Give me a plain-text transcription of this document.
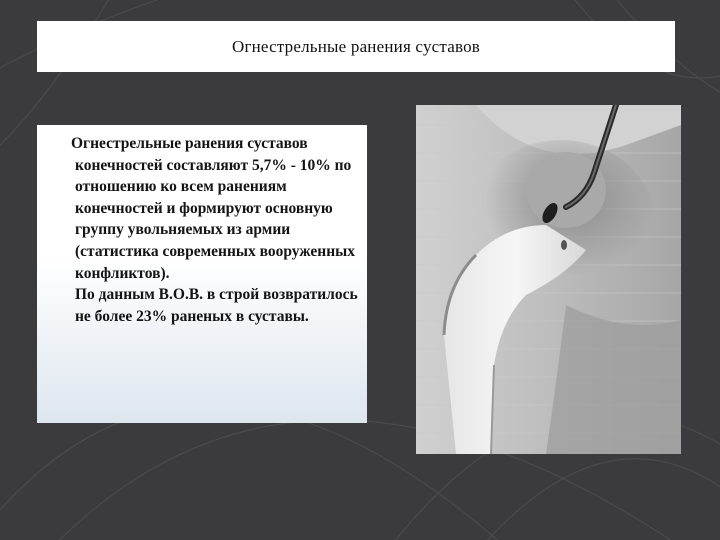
Огнестрельные ранения суставов

Огнестрельные ранения суставов конечностей составляют 5,7% - 10% по отношению ко всем ранениям конечностей и формируют основную группу увольняемых из армии (статистика современных вооруженных конфликтов).

По данным В.О.В. в строй возвратилось не более 23% раненых в суставы.
